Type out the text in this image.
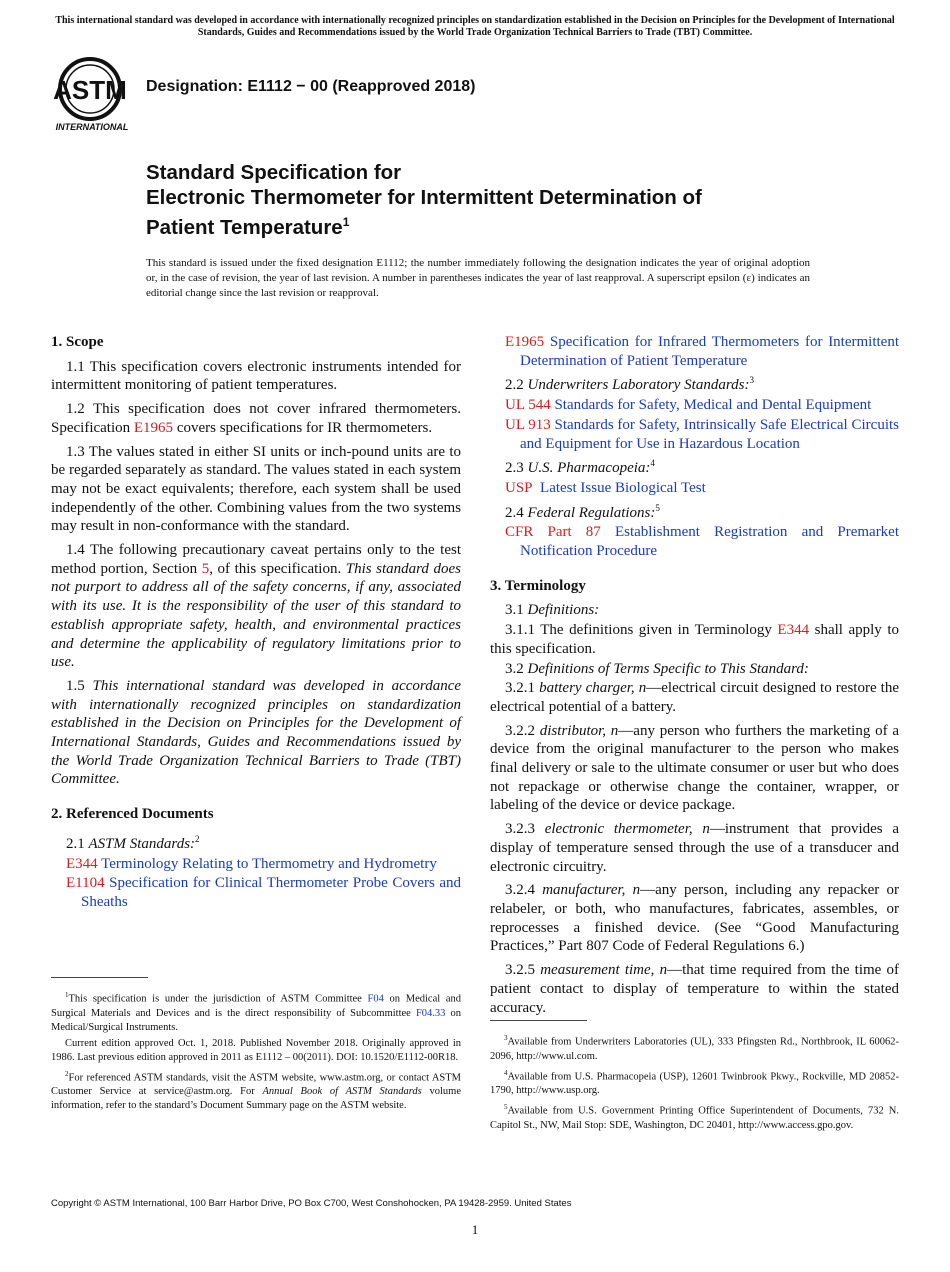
This international standard was developed in accordance with internationally recognized principles on standardization established in the Decision on Principles for the Development of International Standards, Guides and Recommendations issued by the World Trade Organization Technical Barriers to Trade (TBT) Committee.
ASTM
INTERNATIONAL
Designation: E1112 − 00 (Reapproved 2018)
Standard Specification for
Electronic Thermometer for Intermittent Determination of
Patient Temperature$^1$
This standard is issued under the fixed designation E1112; the number immediately following the designation indicates the year of original adoption or, in the case of revision, the year of last revision. A number in parentheses indicates the year of last reapproval. A superscript epsilon (ε) indicates an editorial change since the last revision or reapproval.
1. Scope

1.1 This specification covers electronic instruments intended for intermittent monitoring of patient temperatures.

1.2 This specification does not cover infrared thermometers. Specification E1965 covers specifications for IR thermometers.

1.3 The values stated in either SI units or inch-pound units are to be regarded separately as standard. The values stated in each system may not be exact equivalents; therefore, each system shall be used independently of the other. Combining values from the two systems may result in non-conformance with the standard.

1.4 The following precautionary caveat pertains only to the test method portion, Section 5, of this specification. This standard does not purport to address all of the safety concerns, if any, associated with its use. It is the responsibility of the user of this standard to establish appropriate safety, health, and environmental practices and determine the applicability of regulatory limitations prior to use.

1.5 This international standard was developed in accordance with internationally recognized principles on standardization established in the Decision on Principles for the Development of International Standards, Guides and Recommendations issued by the World Trade Organization Technical Barriers to Trade (TBT) Committee.

2. Referenced Documents
2.1 ASTM Standards:$^2$
E344 Terminology Relating to Thermometry and Hydrometry
E1104 Specification for Clinical Thermometer Probe Covers and Sheaths
E1965 Specification for Infrared Thermometers for Intermittent Determination of Patient Temperature
2.2 Underwriters Laboratory Standards:$^3$
UL 544 Standards for Safety, Medical and Dental Equipment
UL 913 Standards for Safety, Intrinsically Safe Electrical Circuits and Equipment for Use in Hazardous Location
2.3 U.S. Pharmacopeia:$^4$
USP Latest Issue Biological Test
2.4 Federal Regulations:$^5$
CFR Part 87 Establishment Registration and Premarket Notification Procedure
3. Terminology
3.1 Definitions:

3.1.1 The definitions given in Terminology E344 shall apply to this specification.

3.2 Definitions of Terms Specific to This Standard:

3.2.1 battery charger, n—electrical circuit designed to restore the electrical potential of a battery.

3.2.2 distributor, n—any person who furthers the marketing of a device from the original manufacturer to the person who makes final delivery or sale to the ultimate consumer or user but who does not repackage or otherwise change the container, wrapper, or labeling of the device or device package.

3.2.3 electronic thermometer, n—instrument that provides a display of temperature sensed through the use of a transducer and electronic circuitry.

3.2.4 manufacturer, n—any person, including any repacker or relabeler, or both, who manufactures, fabricates, assembles, or reprocesses a finished device. (See “Good Manufacturing Practices,” Part 807 Code of Federal Regulations 6.)

3.2.5 measurement time, n—that time required from the time of patient contact to display of temperature to within the stated accuracy.

$^1$This specification is under the jurisdiction of ASTM Committee F04 on Medical and Surgical Materials and Devices and is the direct responsibility of Subcommittee F04.33 on Medical/Surgical Instruments.

Current edition approved Oct. 1, 2018. Published November 2018. Originally approved in 1986. Last previous edition approved in 2011 as E1112 – 00(2011). DOI: 10.1520/E1112-00R18.

$^2$For referenced ASTM standards, visit the ASTM website, www.astm.org, or contact ASTM Customer Service at service@astm.org. For Annual Book of ASTM Standards volume information, refer to the standard’s Document Summary page on the ASTM website.

$^3$Available from Underwriters Laboratories (UL), 333 Pfingsten Rd., Northbrook, IL 60062-2096, http://www.ul.com.

$^4$Available from U.S. Pharmacopeia (USP), 12601 Twinbrook Pkwy., Rockville, MD 20852-1790, http://www.usp.org.

$^5$Available from U.S. Government Printing Office Superintendent of Documents, 732 N. Capitol St., NW, Mail Stop: SDE, Washington, DC 20401, http://www.access.gpo.gov.

Copyright © ASTM International, 100 Barr Harbor Drive, PO Box C700, West Conshohocken, PA 19428-2959. United States
1
